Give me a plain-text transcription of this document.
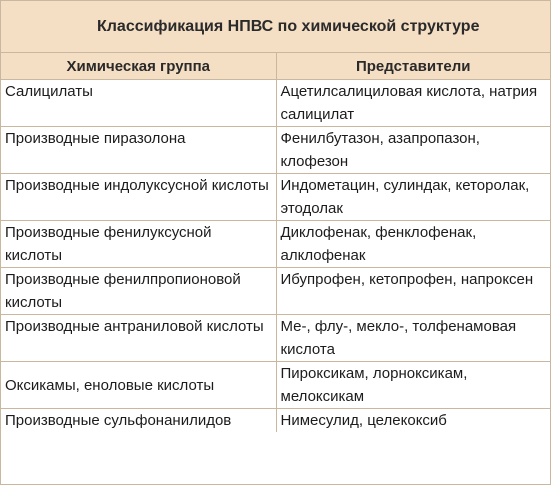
Классификация НПВС по химической структуре
Химическая группа	Представители
Салицилаты	Ацетилсалициловая кислота, натрия салицилат
Производные пиразолона	Фенилбутазон, азапропазон, клофезон
Производные индолуксусной кислоты	Индометацин, сулиндак, кеторолак, этодолак
Производные фенилуксусной кислоты	Диклофенак, фенклофенак, алклофенак
Производные фенилпропионовой кислоты	Ибупрофен, кетопрофен, напроксен
Производные антраниловой кислоты	Ме-, флу-, мекло-, толфенамовая кислота
Оксикамы, еноловые кислоты	Пироксикам, лорноксикам, мелоксикам
Производные сульфонанилидов	Нимесулид, целекоксиб
